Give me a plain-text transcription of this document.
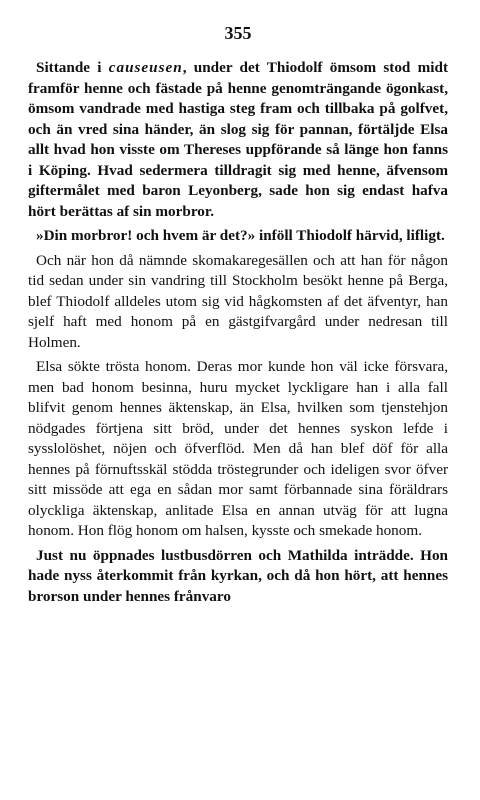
355

Sittande i causeusen, under det Thiodolf ömsom stod midt framför henne och fästade på henne genomträngande ögonkast, ömsom vandrade med hastiga steg fram och tillbaka på golfvet, och än vred sina händer, än slog sig för pannan, förtäljde Elsa allt hvad hon visste om Thereses uppförande så länge hon fanns i Köping. Hvad sedermera tilldragit sig med henne, äfvensom giftermålet med baron Leyonberg, sade hon sig endast hafva hört berättas af sin morbror.

»Din morbror! och hvem är det?» inföll Thiodolf härvid, lifligt.

Och när hon då nämnde skomakaregesällen och att han för någon tid sedan under sin vandring till Stockholm besökt henne på Berga, blef Thiodolf alldeles utom sig vid hågkomsten af det äfventyr, han sjelf haft med honom på en gästgifvargård under nedresan till Holmen.

Elsa sökte trösta honom. Deras mor kunde hon väl icke försvara, men bad honom besinna, huru mycket lyckligare han i alla fall blifvit genom hennes äktenskap, än Elsa, hvilken som tjenstehjon nödgades förtjena sitt bröd, under det hennes syskon lefde i sysslolöshet, nöjen och öfverflöd. Men då han blef döf för alla hennes på förnuftsskäl stödda tröstegrunder och ideligen svor öfver sitt missöde att ega en sådan mor samt förbannade sina föräldrars olyckliga äktenskap, anlitade Elsa en annan utväg för att lugna honom. Hon flög honom om halsen, kysste och smekade honom.

Just nu öppnades lustbusdörren och Mathilda inträdde. Hon hade nyss återkommit från kyrkan, och då hon hört, att hennes brorson under hennes frånvaro
